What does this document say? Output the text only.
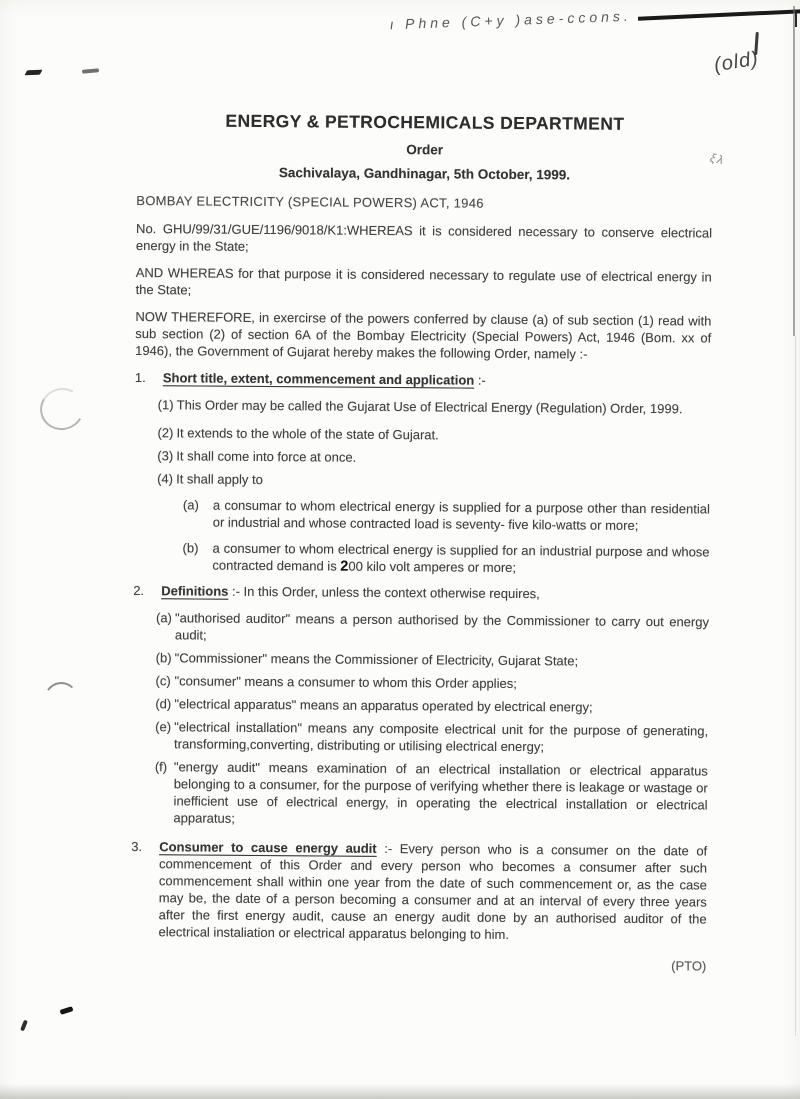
ι Phne (C+y )ase-ccons.
(old)
ξλ
ENERGY & PETROCHEMICALS DEPARTMENT
Order
Sachivalaya, Gandhinagar, 5th October, 1999.
BOMBAY ELECTRICITY (SPECIAL POWERS) ACT, 1946

No. GHU/99/31/GUE/1196/9018/K1:WHEREAS it is considered necessary to conserve electrical energy in the State;

AND WHEREAS for that purpose it is considered necessary to regulate use of electrical energy in the State;

NOW THEREFORE, in exercirse of the powers conferred by clause (a) of sub section (1) read with sub section (2) of section 6A of the Bombay Electricity (Special Powers) Act, 1946 (Bom. xx of 1946), the Government of Gujarat hereby makes the following Order, namely :-

1. Short title, extent, commencement and application :-
(1) This Order may be called the Gujarat Use of Electrical Energy (Regulation) Order, 1999.
(2) It extends to the whole of the state of Gujarat.
(3) It shall come into force at once.
(4) It shall apply to
(a) a consumar to whom electrical energy is supplied for a purpose other than residential or industrial and whose contracted load is seventy- five kilo-watts or more;
(b) a consumer to whom electrical energy is supplied for an industrial purpose and whose contracted demand is 200 kilo volt amperes or more;
2. Definitions :- In this Order, unless the context otherwise requires,
(a) "authorised auditor" means a person authorised by the Commissioner to carry out energy audit;
(b) "Commissioner" means the Commissioner of Electricity, Gujarat State;
(c) "consumer" means a consumer to whom this Order applies;
(d) "electrical apparatus" means an apparatus operated by electrical energy;
(e) "electrical installation" means any composite electrical unit for the purpose of generating, transforming,converting, distributing or utilising electrical energy;
(f) "energy audit" means examination of an electrical installation or electrical apparatus belonging to a consumer, for the purpose of verifying whether there is leakage or wastage or inefficient use of electrical energy, in operating the electrical installation or electrical apparatus;
3. Consumer to cause energy audit :- Every person who is a consumer on the date of commencement of this Order and every person who becomes a consumer after such commencement shall within one year from the date of such commencement or, as the case may be, the date of a person becoming a consumer and at an interval of every three years after the first energy audit, cause an energy audit done by an authorised auditor of the electrical instaliation or electrical apparatus belonging to him.
(PTO)
